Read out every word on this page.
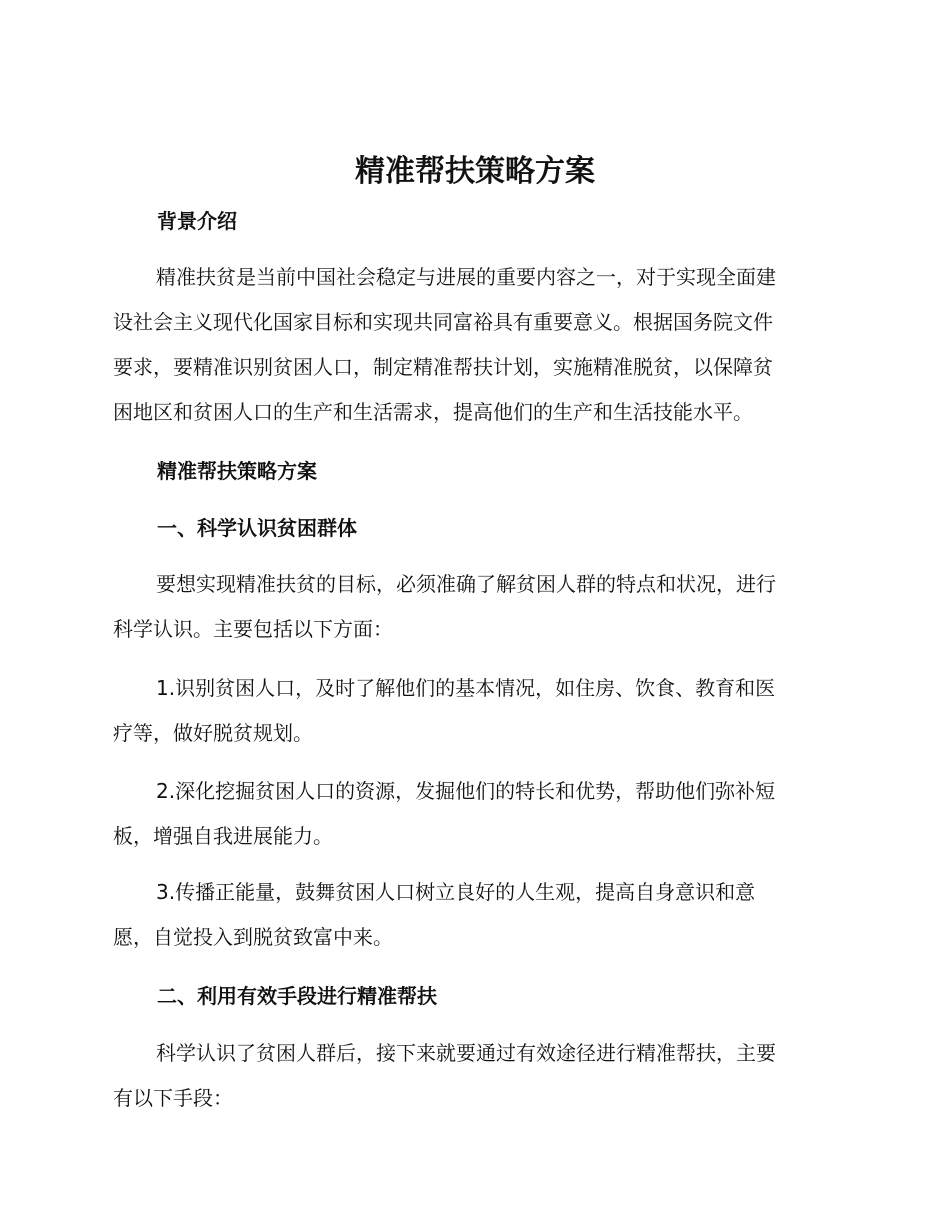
精准帮扶策略方案
背景介绍
精准扶贫是当前中国社会稳定与进展的重要内容之一，对于实现全面建
设社会主义现代化国家目标和实现共同富裕具有重要意义。根据国务院文件
要求，要精准识别贫困人口，制定精准帮扶计划，实施精准脱贫，以保障贫
困地区和贫困人口的生产和生活需求，提高他们的生产和生活技能水平。
精准帮扶策略方案
一、科学认识贫困群体
要想实现精准扶贫的目标，必须准确了解贫困人群的特点和状况，进行
科学认识。主要包括以下方面：
1.识别贫困人口，及时了解他们的基本情况，如住房、饮食、教育和医
疗等，做好脱贫规划。
2.深化挖掘贫困人口的资源，发掘他们的特长和优势，帮助他们弥补短
板，增强自我进展能力。
3.传播正能量，鼓舞贫困人口树立良好的人生观，提高自身意识和意
愿，自觉投入到脱贫致富中来。
二、利用有效手段进行精准帮扶
科学认识了贫困人群后，接下来就要通过有效途径进行精准帮扶，主要
有以下手段：
